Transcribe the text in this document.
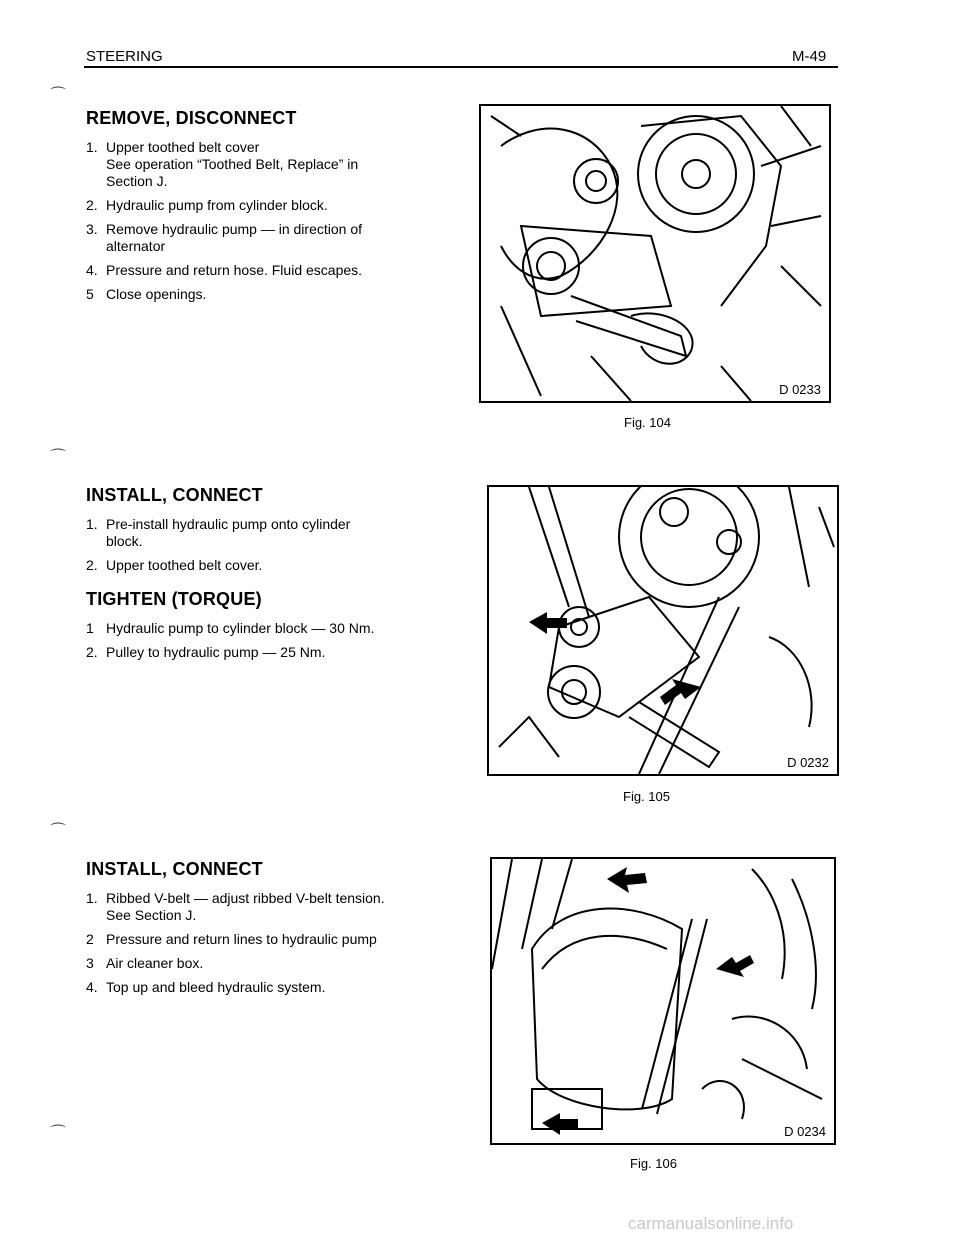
STEERING	M-49
⌒
⌒
⌒
⌒
REMOVE, DISCONNECT
1. Upper toothed belt cover
See operation “Toothed Belt, Replace” in Section J.
2. Hydraulic pump from cylinder block.
3. Remove hydraulic pump — in direction of alternator
4. Pressure and return hose. Fluid escapes.
5 Close openings.
INSTALL, CONNECT
1. Pre-install hydraulic pump onto cylinder block.
2. Upper toothed belt cover.
TIGHTEN (TORQUE)
1 Hydraulic pump to cylinder block — 30 Nm.
2. Pulley to hydraulic pump — 25 Nm.
INSTALL, CONNECT
1. Ribbed V-belt — adjust ribbed V-belt tension. See Section J.
2 Pressure and return lines to hydraulic pump
3 Air cleaner box.
4. Top up and bleed hydraulic system.
D 0233
Fig. 104
D 0232
Fig. 105
D 0234
Fig. 106
carmanualsonline.info
